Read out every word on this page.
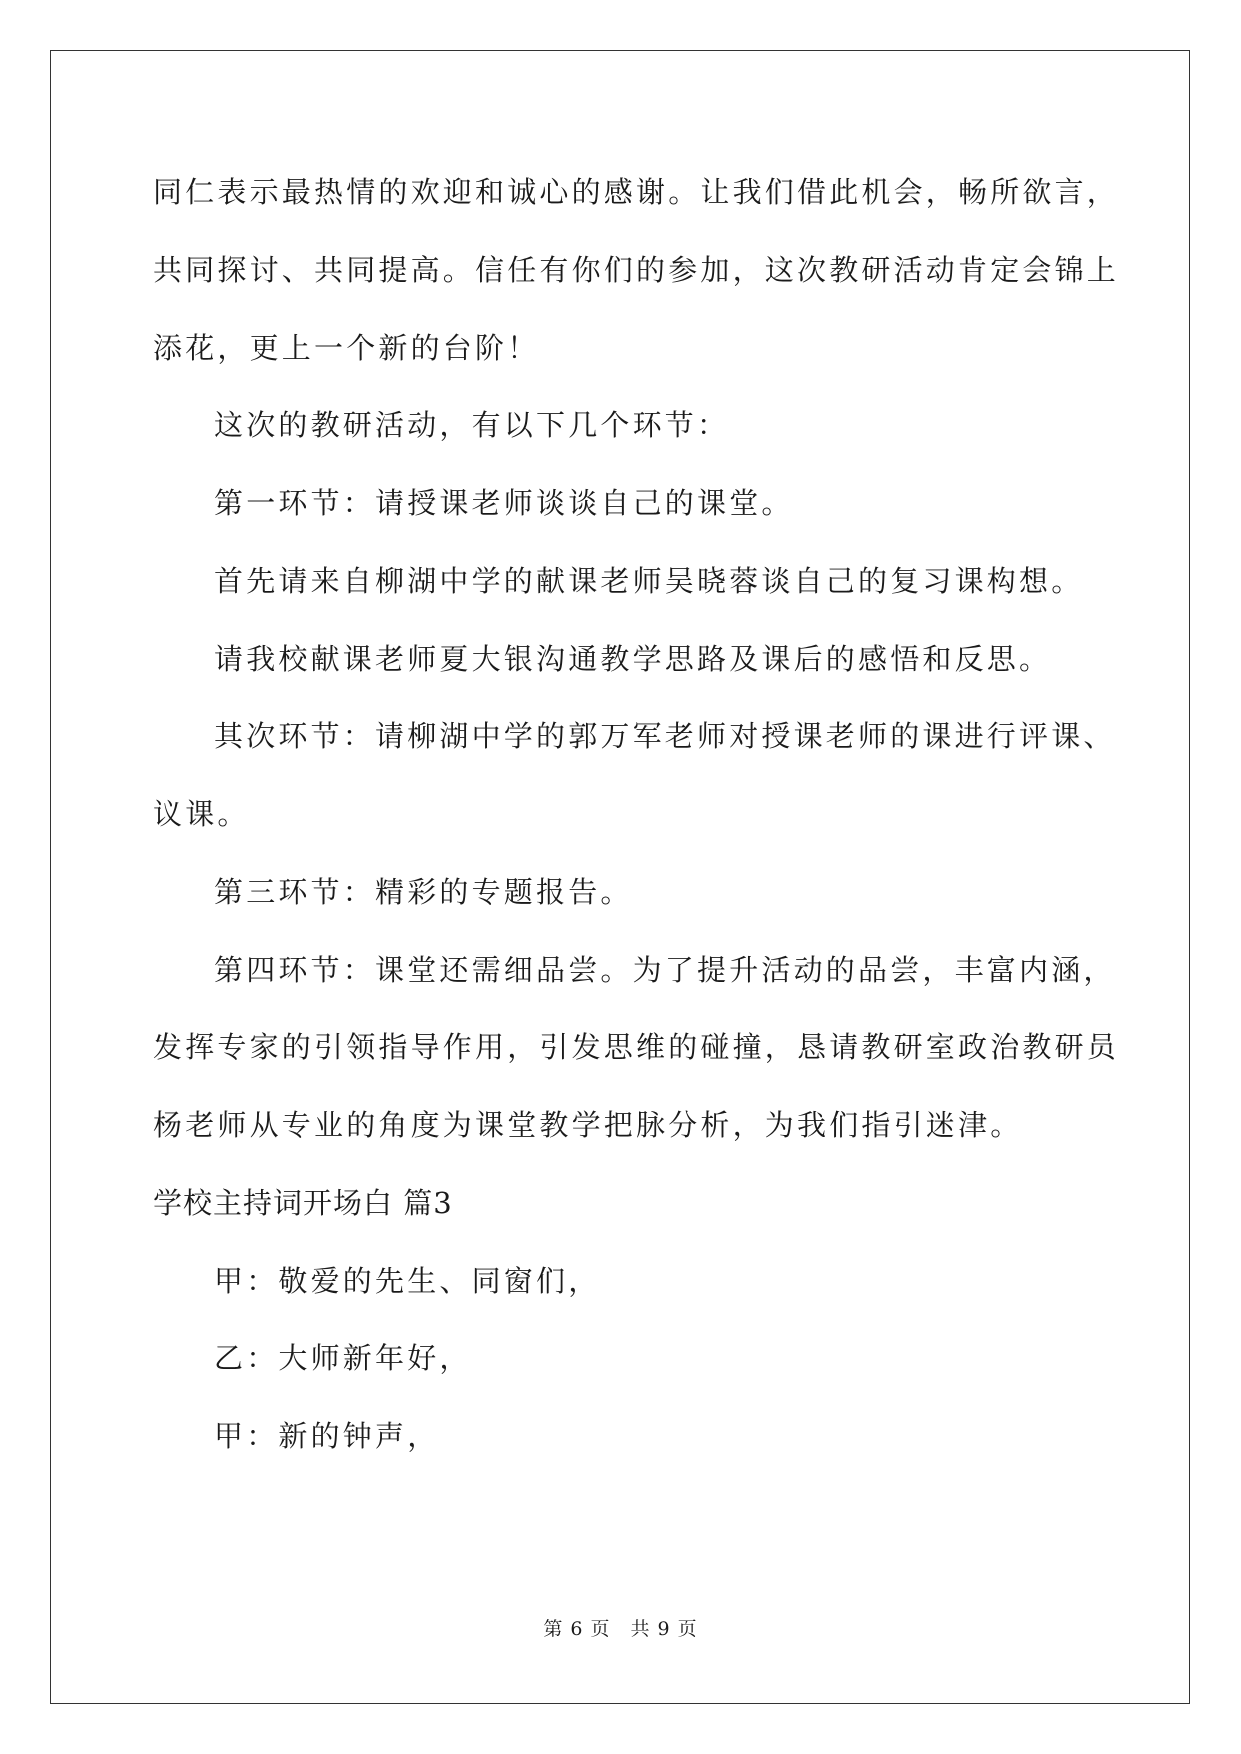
同仁表示最热情的欢迎和诚心的感谢。让我们借此机会，畅所欲言，
共同探讨、共同提高。信任有你们的参加，这次教研活动肯定会锦上
添花，更上一个新的台阶！
这次的教研活动，有以下几个环节：
第一环节：请授课老师谈谈自己的课堂。
首先请来自柳湖中学的献课老师吴晓蓉谈自己的复习课构想。
请我校献课老师夏大银沟通教学思路及课后的感悟和反思。
其次环节：请柳湖中学的郭万军老师对授课老师的课进行评课、
议课。
第三环节：精彩的专题报告。
第四环节：课堂还需细品尝。为了提升活动的品尝，丰富内涵，
发挥专家的引领指导作用，引发思维的碰撞，恳请教研室政治教研员
杨老师从专业的角度为课堂教学把脉分析，为我们指引迷津。
学校主持词开场白 篇3
甲：敬爱的先生、同窗们，
乙：大师新年好，
甲：新的钟声，
第 6 页　共 9 页
